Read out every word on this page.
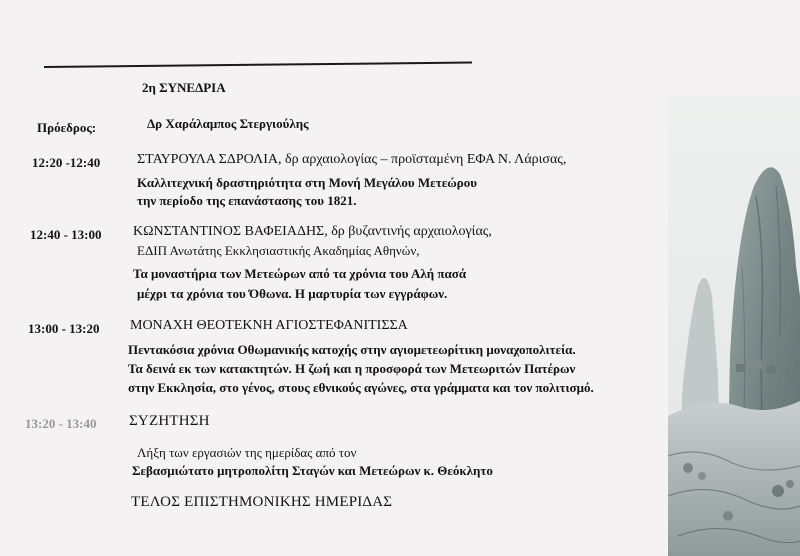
2η ΣΥΝΕΔΡΙΑ
Πρόεδρος:	Δρ Χαράλαμπος Στεργιούλης
12:20 -12:40	ΣΤΑΥΡΟΥΛΑ ΣΔΡΟΛΙΑ, δρ αρχαιολογίας – προϊσταμένη ΕΦΑ Ν. Λάρισας,
Καλλιτεχνική δραστηριότητα στη Μονή Μεγάλου Μετεώρου
την περίοδο της επανάστασης του 1821.
12:40 - 13:00 ΚΩΝΣΤΑΝΤΙΝΟΣ ΒΑΦΕΙΑΔΗΣ, δρ βυζαντινής αρχαιολογίας,
ΕΔΙΠ Ανωτάτης Εκκλησιαστικής Ακαδημίας Αθηνών,
Τα μοναστήρια των Μετεώρων από τα χρόνια του Αλή πασά
μέχρι τα χρόνια του Όθωνα. Η μαρτυρία των εγγράφων.
13:00 - 13:20 ΜΟΝΑΧΗ ΘΕΟΤΕΚΝΗ ΑΓΙΟΣΤΕΦΑΝΙΤΙΣΣΑ
Πεντακόσια χρόνια Οθωμανικής κατοχής στην αγιομετεωρίτικη μοναχοπολιτεία.
Τα δεινά εκ των κατακτητών. Η ζωή και η προσφορά των Μετεωριτών Πατέρων
στην Εκκλησία, στο γένος, στους εθνικούς αγώνες, στα γράμματα και τον πολιτισμό.
13:20 - 13:40 ΣΥΖΗΤΗΣΗ
Λήξη των εργασιών της ημερίδας από τον
Σεβασμιώτατο μητροπολίτη Σταγών και Μετεώρων κ. Θεόκλητο
ΤΕΛΟΣ ΕΠΙΣΤΗΜΟΝΙΚΗΣ ΗΜΕΡΙΔΑΣ
